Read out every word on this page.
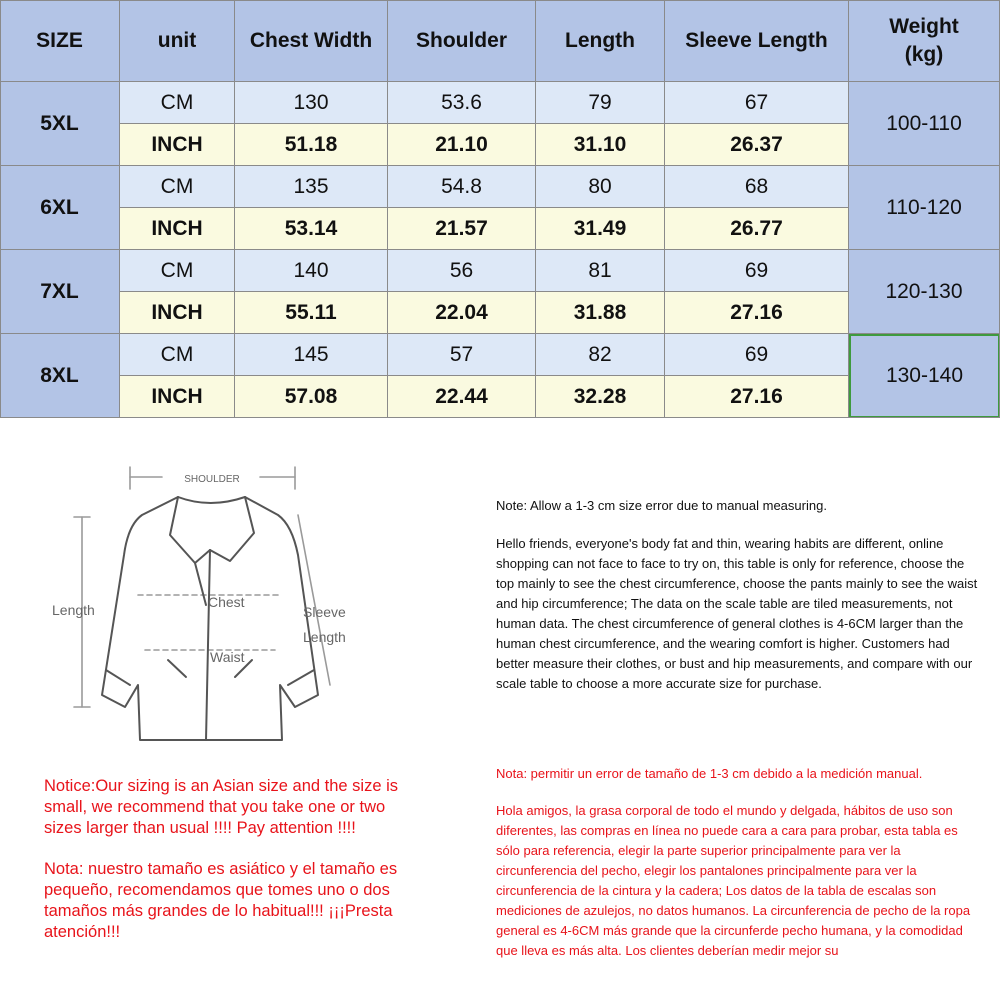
SIZE	unit	Chest Width	Shoulder	Length	Sleeve Length
Weight
(kg)
5XL
CM	130	53.6	79	67
INCH	51.18	21.10	31.10	26.37
100-110
6XL
CM	135	54.8	80	68
INCH	53.14	21.57	31.49	26.77
110-120
7XL
CM	140	56	81	69
INCH	55.11	22.04	31.88	27.16
120-130
8XL
CM	145	57	82	69
INCH	57.08	22.44	32.28	27.16
130-140
SHOULDER
Length	Chest
Waist
Sleeve
Length

Notice:Our sizing is an Asian size and the size is small, we recommend that you take one or two sizes larger than usual !!!! Pay attention !!!!

Nota: nuestro tamaño es asiático y el tamaño es pequeño, recomendamos que tomes uno o dos tamaños más grandes de lo habitual!!! ¡¡¡Presta atención!!!

Note: Allow a 1-3 cm size error due to manual measuring.

Hello friends, everyone's body fat and thin, wearing habits are different, online shopping can not face to face to try on, this table is only for reference, choose the top mainly to see the chest circumference, choose the pants mainly to see the waist and hip circumference; The data on the scale table are tiled measurements, not human data. The chest circumference of general clothes is 4-6CM larger than the human chest circumference, and the wearing comfort is higher. Customers had better measure their clothes, or bust and hip measurements, and compare with our scale table to choose a more accurate size for purchase.

Nota: permitir un error de tamaño de 1-3 cm debido a la medición manual.

Hola amigos, la grasa corporal de todo el mundo y delgada, hábitos de uso son diferentes, las compras en línea no puede cara a cara para probar, esta tabla es sólo para referencia, elegir la parte superior principalmente para ver la circunferencia del pecho, elegir los pantalones principalmente para ver la circunferencia de la cintura y la cadera; Los datos de la tabla de escalas son mediciones de azulejos, no datos humanos. La circunferencia de pecho de la ropa general es 4-6CM más grande que la circunferde pecho humana, y la comodidad que lleva es más alta. Los clientes deberían medir mejor su
